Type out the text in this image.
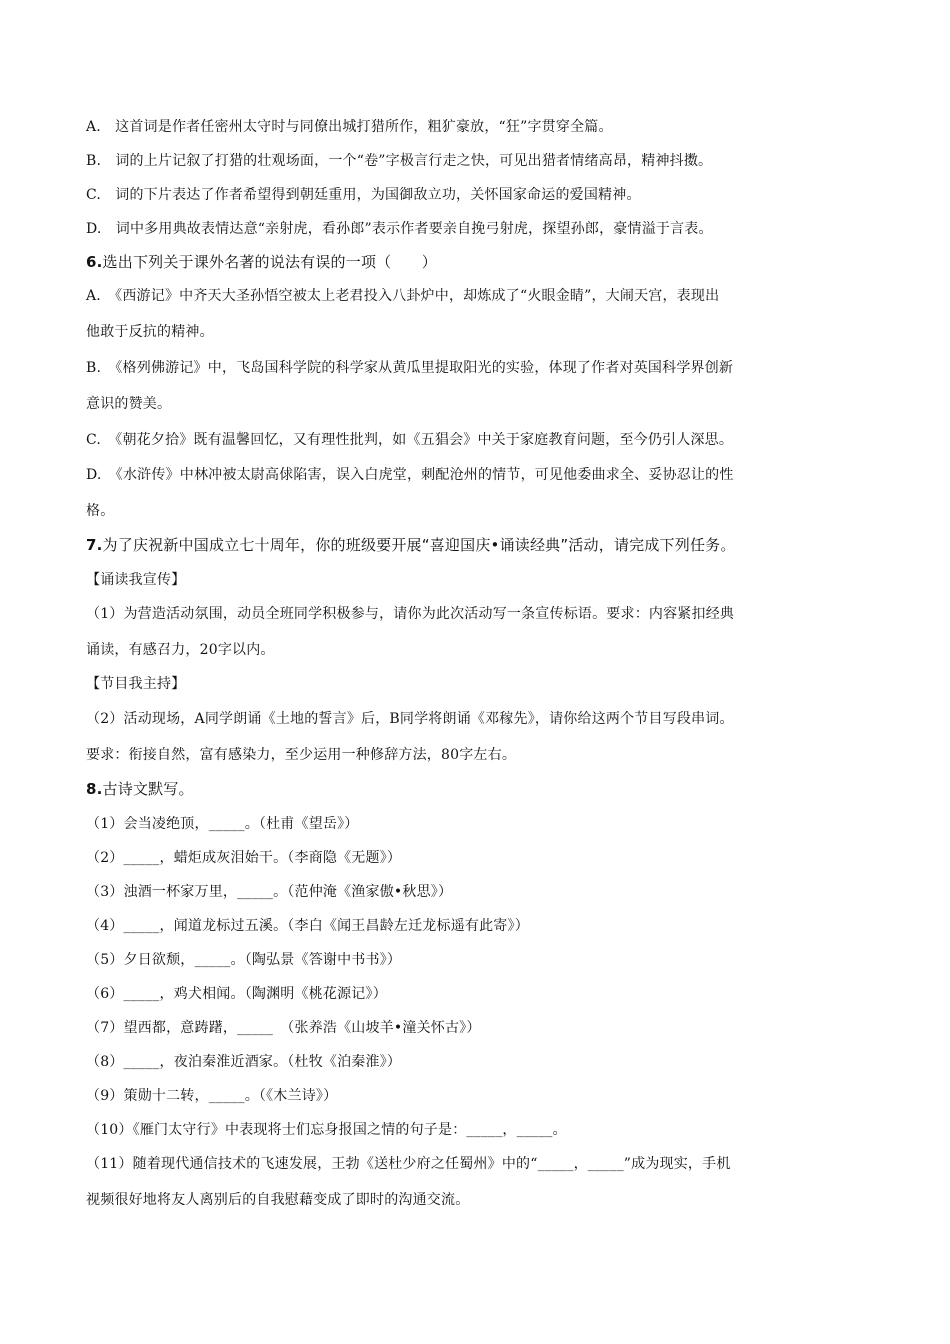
A.　这首词是作者任密州太守时与同僚出城打猎所作，粗犷豪放，“狂”字贯穿全篇。
B.　词的上片记叙了打猎的壮观场面，一个“卷”字极言行走之快，可见出猎者情绪高昂，精神抖擞。
C.　词的下片表达了作者希望得到朝廷重用，为国御敌立功，关怀国家命运的爱国精神。
D.　词中多用典故表情达意“亲射虎，看孙郎”表示作者要亲自挽弓射虎，探望孙郎，豪情溢于言表。
6.选出下列关于课外名著的说法有误的一项（　　）
A.　《西游记》中齐天大圣孙悟空被太上老君投入八卦炉中，却炼成了“火眼金睛”，大闹天宫，表现出
他敢于反抗的精神。
B.　《格列佛游记》中，飞岛国科学院的科学家从黄瓜里提取阳光的实验，体现了作者对英国科学界创新
意识的赞美。
C.　《朝花夕拾》既有温馨回忆，又有理性批判，如《五猖会》中关于家庭教育问题，至今仍引人深思。
D.　《水浒传》中林冲被太尉高俅陷害，误入白虎堂，刺配沧州的情节，可见他委曲求全、妥协忍让的性
格。
7.为了庆祝新中国成立七十周年，你的班级要开展“喜迎国庆•诵读经典”活动，请完成下列任务。
【诵读我宣传】
（1）为营造活动氛围，动员全班同学积极参与，请你为此次活动写一条宣传标语。要求：内容紧扣经典
诵读，有感召力，20字以内。
【节目我主持】
（2）活动现场，A同学朗诵《土地的誓言》后，B同学将朗诵《邓稼先》，请你给这两个节目写段串词。
要求：衔接自然，富有感染力，至少运用一种修辞方法，80字左右。
8.古诗文默写。
（1）会当凌绝顶，_____。（杜甫《望岳》）
（2）_____，蜡炬成灰泪始干。（李商隐《无题》）
（3）浊酒一杯家万里，_____。（范仲淹《渔家傲•秋思》）
（4）_____，闻道龙标过五溪。（李白《闻王昌龄左迁龙标遥有此寄》）
（5）夕日欲颓，_____。（陶弘景《答谢中书书》）
（6）_____，鸡犬相闻。（陶渊明《桃花源记》）
（7）望西都，意踌躇，_____　（张养浩《山坡羊•潼关怀古》）
（8）_____，夜泊秦淮近酒家。（杜牧《泊秦淮》）
（9）策勋十二转，_____。（《木兰诗》）
（10）《雁门太守行》中表现将士们忘身报国之情的句子是：_____，_____。
（11）随着现代通信技术的飞速发展，王勃《送杜少府之任蜀州》中的“_____，_____”成为现实，手机
视频很好地将友人离别后的自我慰藉变成了即时的沟通交流。
